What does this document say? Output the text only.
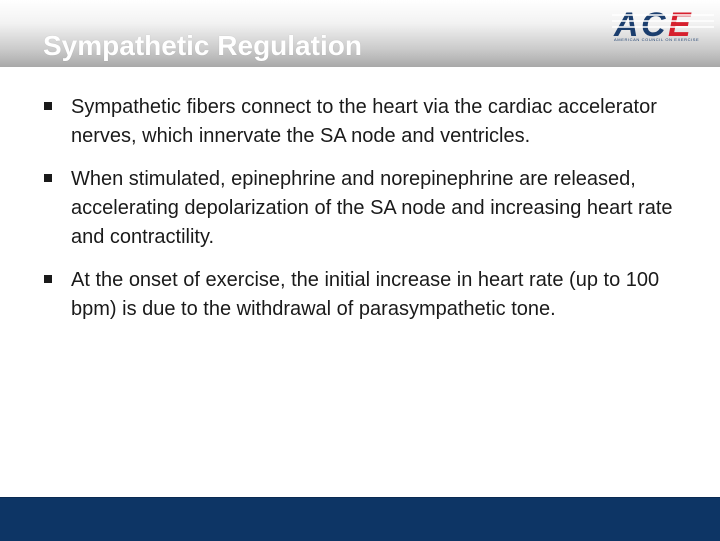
Sympathetic Regulation
A C E
AMERICAN COUNCIL ON EXERCISE
Sympathetic fibers connect to the heart via the cardiac accelerator nerves, which innervate the SA node and ventricles.
When stimulated, epinephrine and norepinephrine are released, accelerating depolarization of the SA node and increasing heart rate and contractility.
At the onset of exercise, the initial increase in heart rate (up to 100 bpm) is due to the withdrawal of parasympathetic tone.
